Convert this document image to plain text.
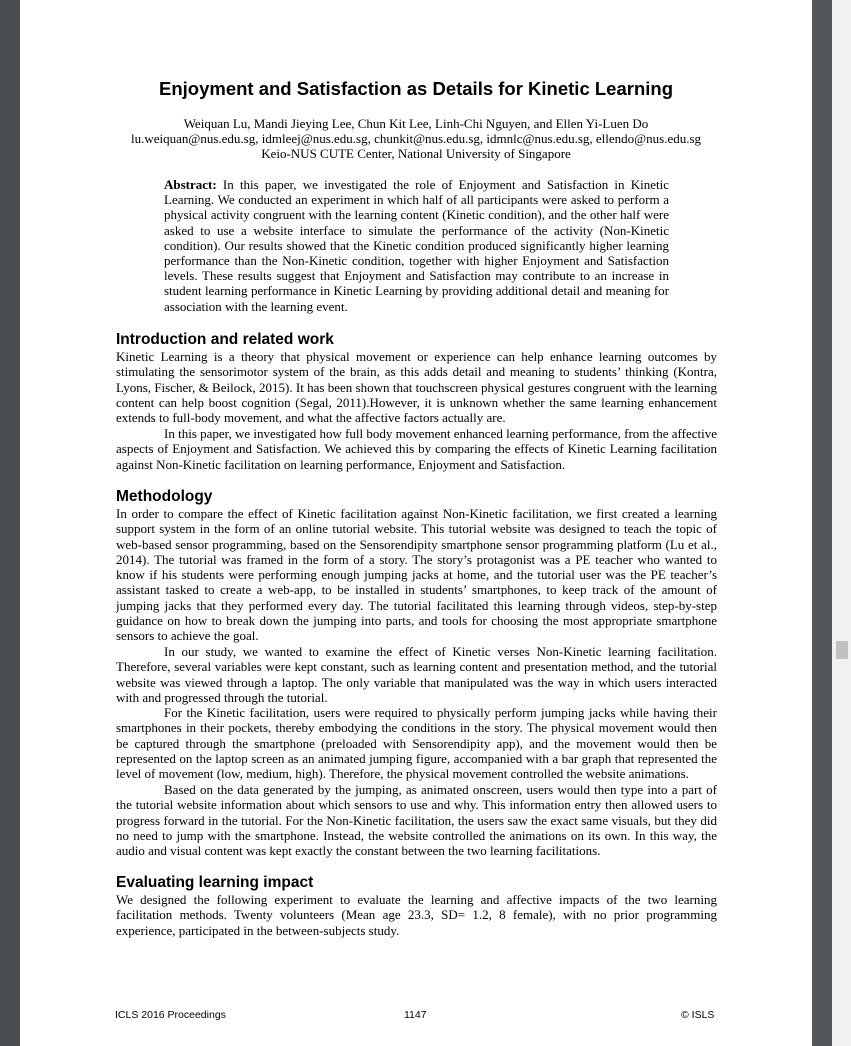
Enjoyment and Satisfaction as Details for Kinetic Learning
Weiquan Lu, Mandi Jieying Lee, Chun Kit Lee, Linh-Chi Nguyen, and Ellen Yi-Luen Do
lu.weiquan@nus.edu.sg, idmleej@nus.edu.sg, chunkit@nus.edu.sg, idmnlc@nus.edu.sg, ellendo@nus.edu.sg
Keio-NUS CUTE Center, National University of Singapore
Abstract: In this paper, we investigated the role of Enjoyment and Satisfaction in Kinetic Learning. We conducted an experiment in which half of all participants were asked to perform a physical activity congruent with the learning content (Kinetic condition), and the other half were asked to use a website interface to simulate the performance of the activity (Non-Kinetic condition). Our results showed that the Kinetic condition produced significantly higher learning performance than the Non-Kinetic condition, together with higher Enjoyment and Satisfaction levels. These results suggest that Enjoyment and Satisfaction may contribute to an increase in student learning performance in Kinetic Learning by providing additional detail and meaning for association with the learning event.
Introduction and related work

Kinetic Learning is a theory that physical movement or experience can help enhance learning outcomes by stimulating the sensorimotor system of the brain, as this adds detail and meaning to students’ thinking (Kontra, Lyons, Fischer, & Beilock, 2015). It has been shown that touchscreen physical gestures congruent with the learning content can help boost cognition (Segal, 2011).However, it is unknown whether the same learning enhancement extends to full-body movement, and what the affective factors actually are.

In this paper, we investigated how full body movement enhanced learning performance, from the affective aspects of Enjoyment and Satisfaction. We achieved this by comparing the effects of Kinetic Learning facilitation against Non-Kinetic facilitation on learning performance, Enjoyment and Satisfaction.

Methodology

In order to compare the effect of Kinetic facilitation against Non-Kinetic facilitation, we first created a learning support system in the form of an online tutorial website. This tutorial website was designed to teach the topic of web-based sensor programming, based on the Sensorendipity smartphone sensor programming platform (Lu et al., 2014). The tutorial was framed in the form of a story. The story’s protagonist was a PE teacher who wanted to know if his students were performing enough jumping jacks at home, and the tutorial user was the PE teacher’s assistant tasked to create a web-app, to be installed in students’ smartphones, to keep track of the amount of jumping jacks that they performed every day. The tutorial facilitated this learning through videos, step-by-step guidance on how to break down the jumping into parts, and tools for choosing the most appropriate smartphone sensors to achieve the goal.

In our study, we wanted to examine the effect of Kinetic verses Non-Kinetic learning facilitation. Therefore, several variables were kept constant, such as learning content and presentation method, and the tutorial website was viewed through a laptop. The only variable that manipulated was the way in which users interacted with and progressed through the tutorial.

For the Kinetic facilitation, users were required to physically perform jumping jacks while having their smartphones in their pockets, thereby embodying the conditions in the story. The physical movement would then be captured through the smartphone (preloaded with Sensorendipity app), and the movement would then be represented on the laptop screen as an animated jumping figure, accompanied with a bar graph that represented the level of movement (low, medium, high). Therefore, the physical movement controlled the website animations.

Based on the data generated by the jumping, as animated onscreen, users would then type into a part of the tutorial website information about which sensors to use and why. This information entry then allowed users to progress forward in the tutorial. For the Non-Kinetic facilitation, the users saw the exact same visuals, but they did no need to jump with the smartphone. Instead, the website controlled the animations on its own. In this way, the audio and visual content was kept exactly the constant between the two learning facilitations.

Evaluating learning impact

We designed the following experiment to evaluate the learning and affective impacts of the two learning facilitation methods. Twenty volunteers (Mean age 23.3, SD= 1.2, 8 female), with no prior programming experience, participated in the between-subjects study.

ICLS 2016 Proceedings	1147	© ISLS
